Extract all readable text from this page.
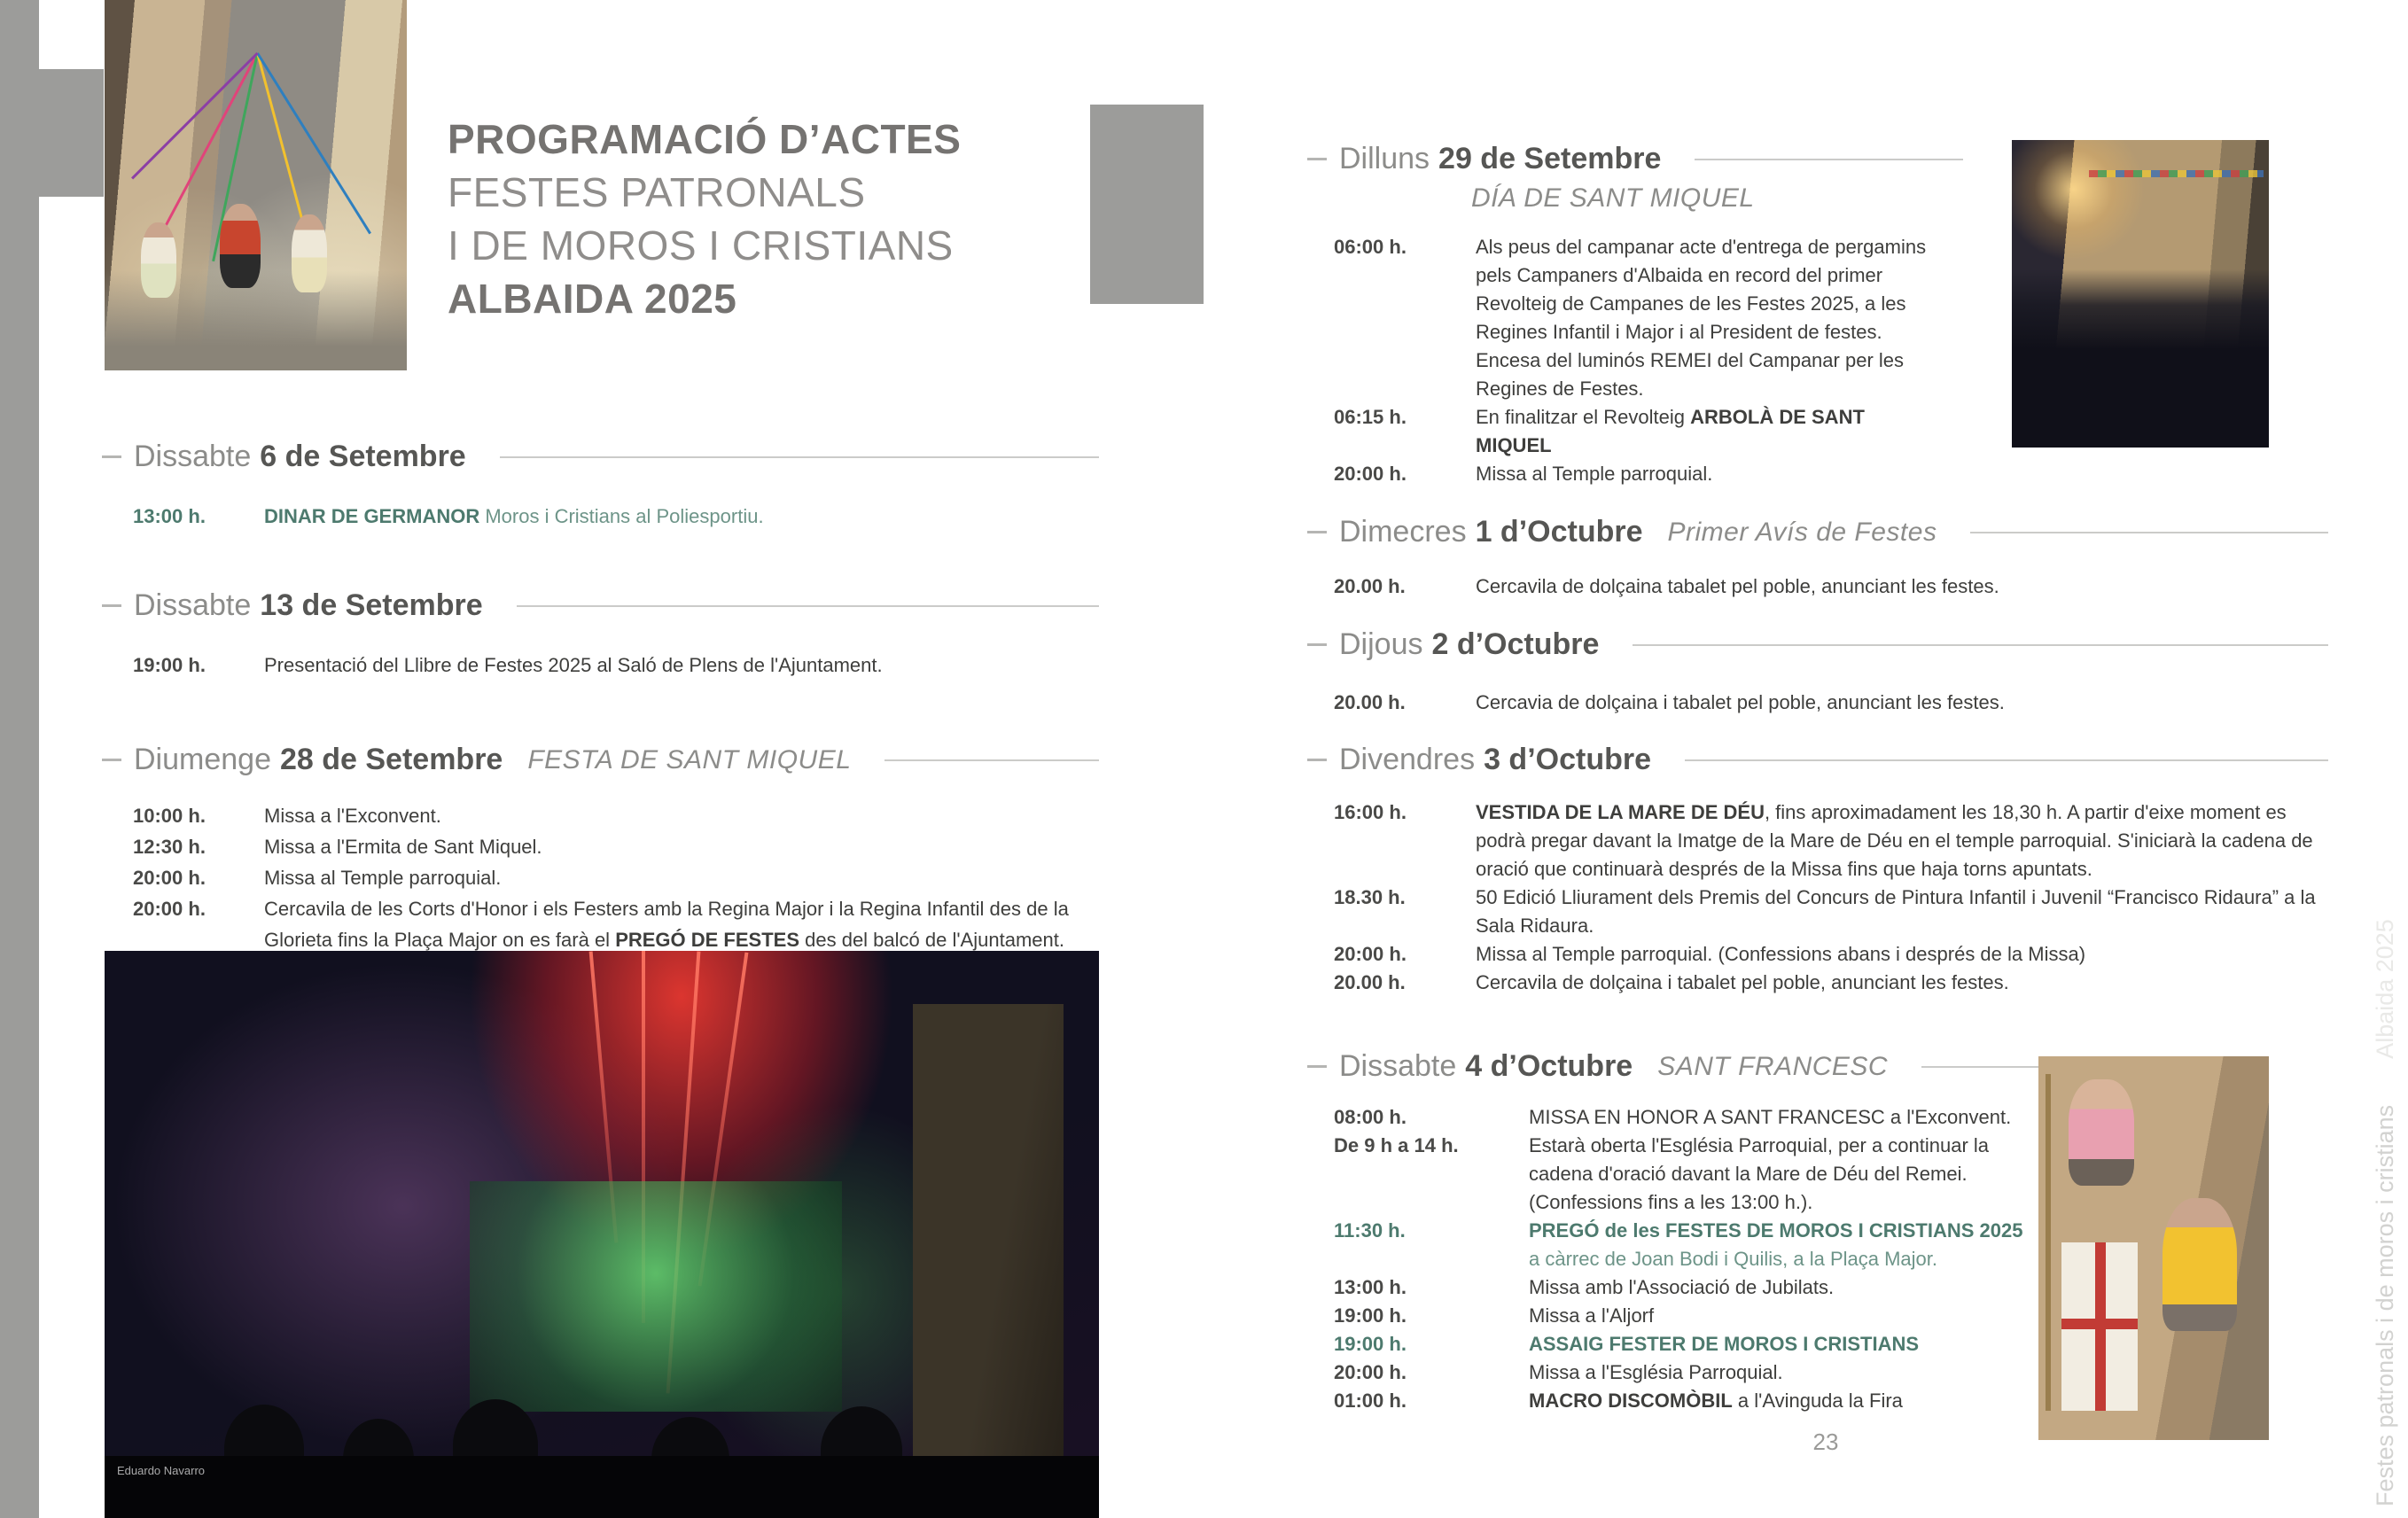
PROGRAMACIÓ D’ACTES
FESTES PATRONALS
I DE MOROS I CRISTIANS
ALBAIDA 2025
Dissabte 6 de Setembre
13:00 h.	DINAR DE GERMANOR Moros i Cristians al Poliesportiu.
Dissabte 13 de Setembre
19:00 h.	Presentació del Llibre de Festes 2025 al Saló de Plens de l'Ajuntament.
Diumenge 28 de Setembre FESTA DE SANT MIQUEL
10:00 h.	Missa a l'Exconvent.
12:30 h.	Missa a l'Ermita de Sant Miquel.
20:00 h.	Missa al Temple parroquial.
20:00 h.	Cercavila de les Corts d'Honor i els Festers amb la Regina Major i la Regina Infantil des de la Glorieta fins la Plaça Major on es farà el PREGÓ DE FESTES des del balcó de l'Ajuntament.
Dilluns 29 de Setembre
DÍA DE SANT MIQUEL
06:00 h.	Als peus del campanar acte d'entrega de pergamins pels Campaners d'Albaida en record del primer Revolteig de Campanes de les Festes 2025, a les Regines Infantil i Major i al President de festes. Encesa del luminós REMEI del Campanar per les Regines de Festes.
06:15 h.	En finalitzar el Revolteig ARBOLÀ DE SANT MIQUEL
20:00 h.	Missa al Temple parroquial.
Dimecres 1 d’Octubre Primer Avís de Festes
20.00 h.	Cercavila de dolçaina tabalet pel poble, anunciant les festes.
Dijous 2 d’Octubre
20.00 h.	Cercavia de dolçaina i tabalet pel poble, anunciant les festes.
Divendres 3 d’Octubre
16:00 h.	VESTIDA DE LA MARE DE DÉU, fins aproximadament les 18,30 h. A partir d'eixe moment es podrà pregar davant la Imatge de la Mare de Déu en el temple parroquial. S'iniciarà la cadena de oració que continuarà després de la Missa fins que haja torns apuntats.
18.30 h.	50 Edició Lliurament dels Premis del Concurs de Pintura Infantil i Juvenil “Francisco Ridaura” a la Sala Ridaura.
20:00 h.	Missa al Temple parroquial. (Confessions abans i després de la Missa)
20.00 h.	Cercavila de dolçaina i tabalet pel poble, anunciant les festes.
Dissabte 4 d’Octubre SANT FRANCESC
08:00 h.	MISSA EN HONOR A SANT FRANCESC a l'Exconvent.
De 9 h a 14 h.	Estarà oberta l'Església Parroquial, per a continuar la cadena d'oració davant la Mare de Déu del Remei. (Confessions fins a les 13:00 h.).
11:30 h.	PREGÓ de les FESTES DE MOROS I CRISTIANS 2025
a càrrec de Joan Bodi i Quilis, a la Plaça Major.
13:00 h.	Missa amb l'Associació de Jubilats.
19:00 h.	Missa a l'Aljorf
19:00 h.	ASSAIG FESTER DE MOROS I CRISTIANS
20:00 h.	Missa a l'Església Parroquial.
01:00 h.	MACRO DISCOMÒBIL a l'Avinguda la Fira
Eduardo Navarro
PROGRAMA D’ACTES
Festes patronals i de moros i cristiansAlbaida 2025
23
